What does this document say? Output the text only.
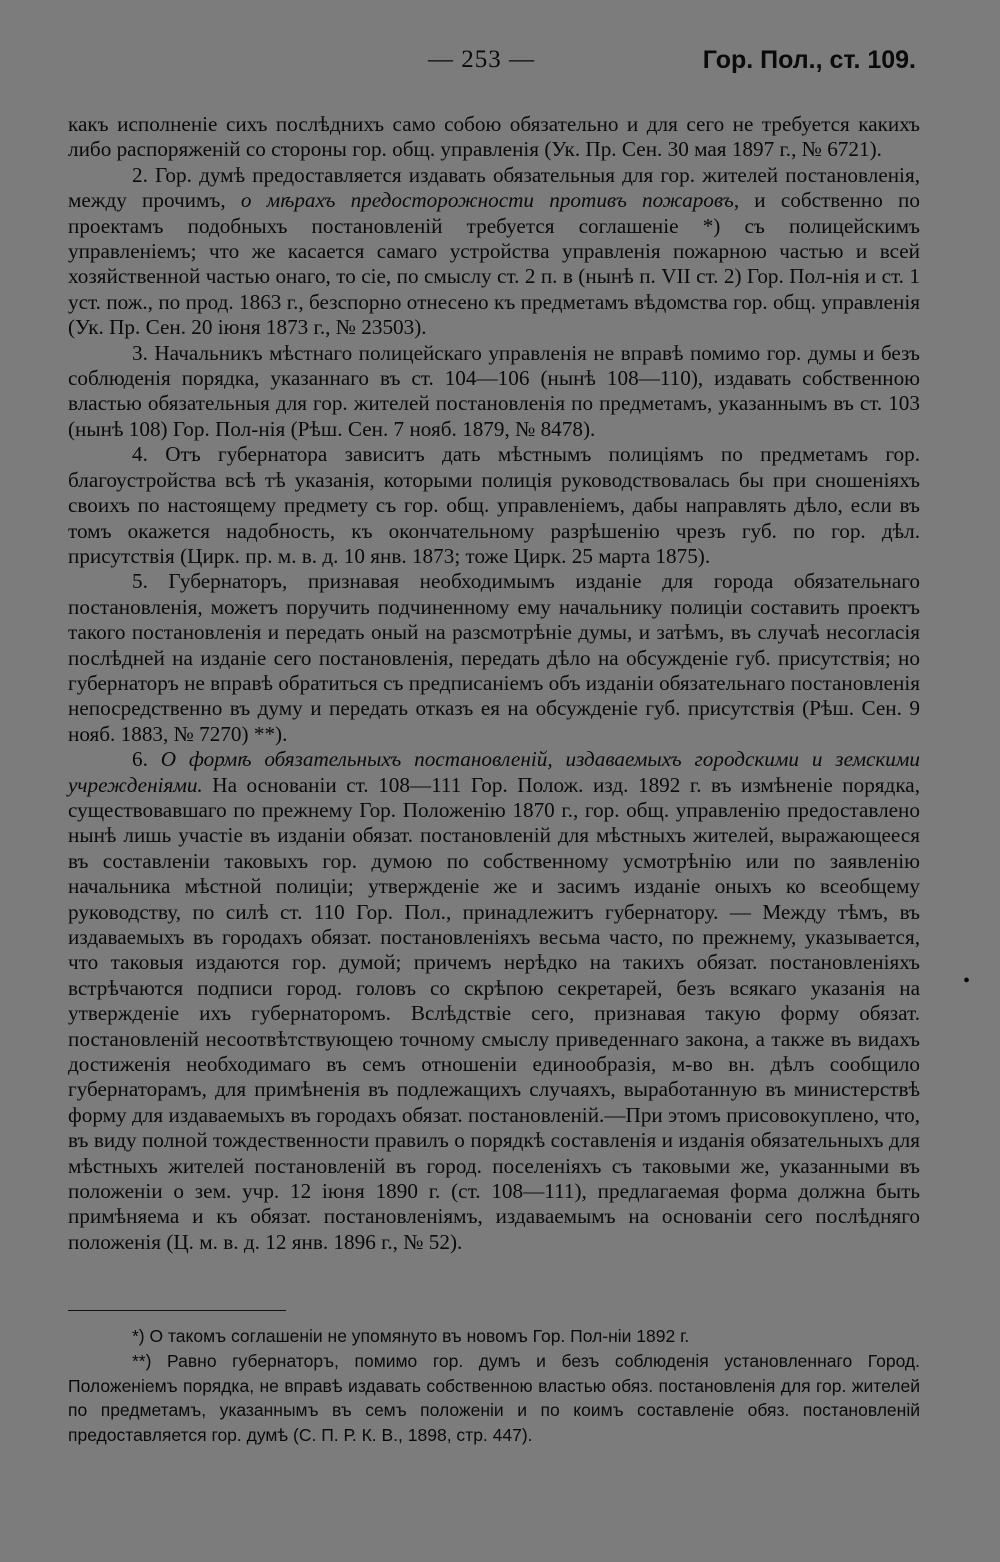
— 253 —	Гор. Пол., ст. 109.

какъ исполненіе сихъ послѣднихъ само собою обязательно и для сего не требуется какихъ либо распоряженій со стороны гор. общ. управленія (Ук. Пр. Сен. 30 мая 1897 г., № 6721).

2. Гор. думѣ предоставляется издавать обязательныя для гор. жителей постановленія, между прочимъ, о мѣрахъ предосторожности противъ пожаровъ, и собственно по проектамъ подобныхъ постановленій требуется соглашеніе *) съ полицейскимъ управленіемъ; что же касается самаго устройства управленія пожарною частью и всей хозяйственной частью онаго, то сіе, по смыслу ст. 2 п. в (нынѣ п. VII ст. 2) Гор. Пол-нія и ст. 1 уст. пож., по прод. 1863 г., безспорно отнесено къ предметамъ вѣдомства гор. общ. управленія (Ук. Пр. Сен. 20 іюня 1873 г., № 23503).

3. Начальникъ мѣстнаго полицейскаго управленія не вправѣ помимо гор. думы и безъ соблюденія порядка, указаннаго въ ст. 104—106 (нынѣ 108—110), издавать собственною властью обязательныя для гор. жителей постановленія по предметамъ, указаннымъ въ ст. 103 (нынѣ 108) Гор. Пол-нія (Рѣш. Сен. 7 нояб. 1879, № 8478).

4. Отъ губернатора зависитъ дать мѣстнымъ полиціямъ по предметамъ гор. благоустройства всѣ тѣ указанія, которыми полиція руководствовалась бы при сношеніяхъ своихъ по настоящему предмету съ гор. общ. управленіемъ, дабы направлять дѣло, если въ томъ окажется надобность, къ окончательному разрѣшенію чрезъ губ. по гор. дѣл. присутствія (Цирк. пр. м. в. д. 10 янв. 1873; тоже Цирк. 25 марта 1875).

5. Губернаторъ, признавая необходимымъ изданіе для города обязательнаго постановленія, можетъ поручить подчиненному ему начальнику полиціи составить проектъ такого постановленія и передать оный на разсмотрѣніе думы, и затѣмъ, въ случаѣ несогласія послѣдней на изданіе сего постановленія, передать дѣло на обсужденіе губ. присутствія; но губернаторъ не вправѣ обратиться съ предписаніемъ объ изданіи обязательнаго постановленія непосредственно въ думу и передать отказъ ея на обсужденіе губ. присутствія (Рѣш. Сен. 9 нояб. 1883, № 7270) **).

6. О формѣ обязательныхъ постановленій, издаваемыхъ городскими и земскими учрежденіями. На основаніи ст. 108—111 Гор. Полож. изд. 1892 г. въ измѣненіе порядка, существовавшаго по прежнему Гор. Положенію 1870 г., гор. общ. управленію предоставлено нынѣ лишь участіе въ изданіи обязат. постановленій для мѣстныхъ жителей, выражающееся въ составленіи таковыхъ гор. думою по собственному усмотрѣнію или по заявленію начальника мѣстной полиціи; утвержденіе же и засимъ изданіе оныхъ ко всеобщему руководству, по силѣ ст. 110 Гор. Пол., принадлежитъ губернатору. — Между тѣмъ, въ издаваемыхъ въ городахъ обязат. постановленіяхъ весьма часто, по прежнему, указывается, что таковыя издаются гор. думой; причемъ нерѣдко на такихъ обязат. постановленіяхъ встрѣчаются подписи город. головъ со скрѣпою секретарей, безъ всякаго указанія на утвержденіе ихъ губернаторомъ. Вслѣдствіе сего, признавая такую форму обязат. постановленій несоотвѣтствующею точному смыслу приведеннаго закона, а также въ видахъ достиженія необходимаго въ семъ отношеніи единообразія, м-во вн. дѣлъ сообщило губернаторамъ, для примѣненія въ подлежащихъ случаяхъ, выработанную въ министерствѣ форму для издаваемыхъ въ городахъ обязат. постановленій.—При этомъ присовокуплено, что, въ виду полной тождественности правилъ о порядкѣ составленія и изданія обязательныхъ для мѣстныхъ жителей постановленій въ город. поселеніяхъ съ таковыми же, указанными въ положеніи о зем. учр. 12 іюня 1890 г. (ст. 108—111), предлагаемая форма должна быть примѣняема и къ обязат. постановленіямъ, издаваемымъ на основаніи сего послѣдняго положенія (Ц. м. в. д. 12 янв. 1896 г., № 52).

•

*) О такомъ соглашеніи не упомянуто въ новомъ Гор. Пол-ніи 1892 г.

**) Равно губернаторъ, помимо гор. думъ и безъ соблюденія установленнаго Город. Положеніемъ порядка, не вправѣ издавать собственною властью обяз. постановленія для гор. жителей по предметамъ, указаннымъ въ семъ положеніи и по коимъ составленіе обяз. постановленій предоставляется гор. думѣ (С. П. Р. К. В., 1898, стр. 447).
